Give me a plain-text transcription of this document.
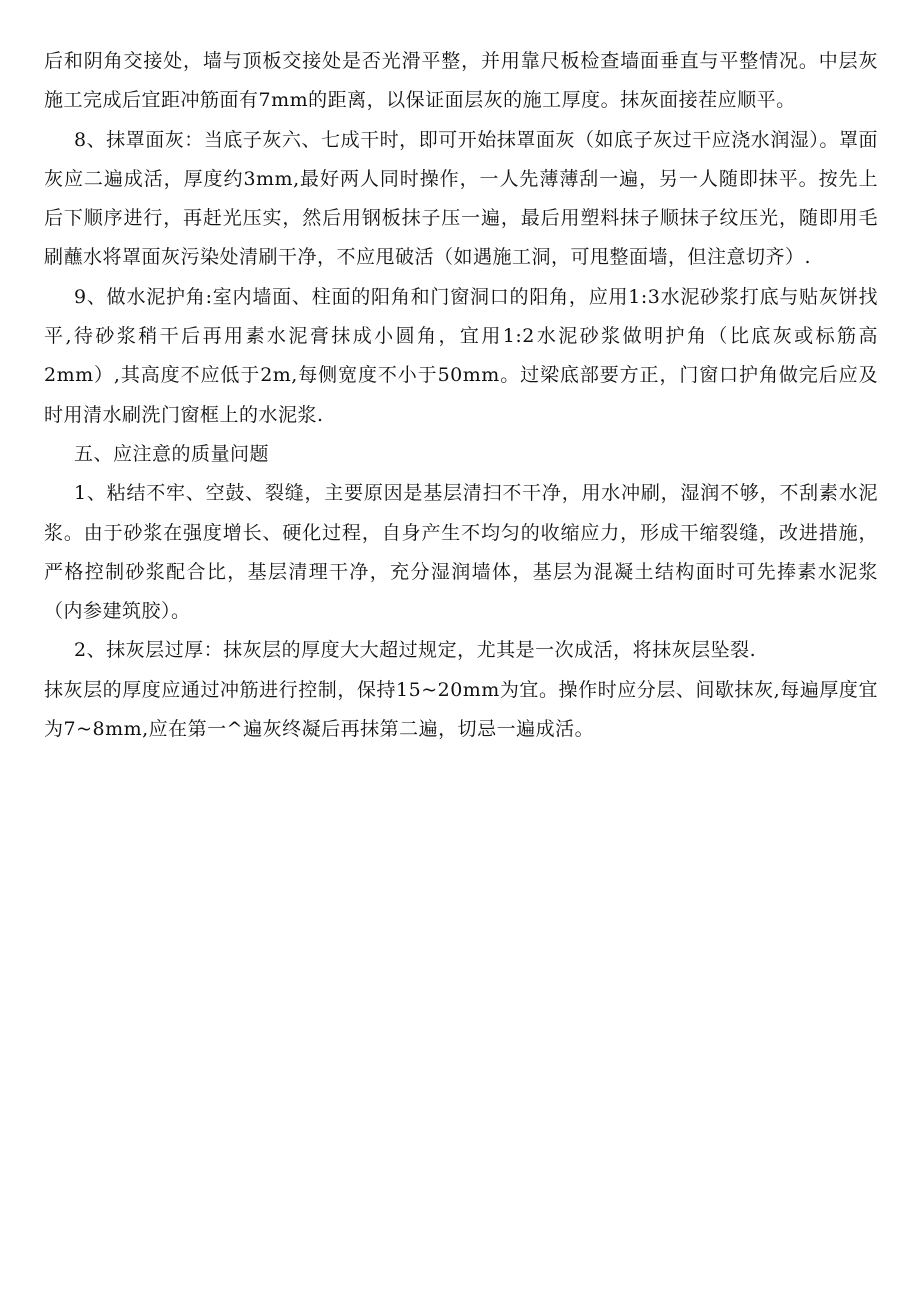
后和阴角交接处，墙与顶板交接处是否光滑平整，并用靠尺板检查墙面垂直与平整情况。中层灰施工完成后宜距冲筋面有7mm的距离，以保证面层灰的施工厚度。抹灰面接茬应顺平。

8、抹罩面灰：当底子灰六、七成干时，即可开始抹罩面灰（如底子灰过干应浇水润湿）。罩面灰应二遍成活，厚度约3mm,最好两人同时操作，一人先薄薄刮一遍，另一人随即抹平。按先上后下顺序进行，再赶光压实，然后用钢板抹子压一遍，最后用塑料抹子顺抹子纹压光，随即用毛刷蘸水将罩面灰污染处清刷干净，不应甩破活（如遇施工洞，可甩整面墙，但注意切齐）.

9、做水泥护角:室内墙面、柱面的阳角和门窗洞口的阳角，应用1:3水泥砂浆打底与贴灰饼找平,待砂浆稍干后再用素水泥膏抹成小圆角，宜用1:2水泥砂浆做明护角（比底灰或标筋高2mm）,其高度不应低于2m,每侧宽度不小于50mm。过梁底部要方正，门窗口护角做完后应及时用清水刷洗门窗框上的水泥浆.

五、应注意的质量问题

1、粘结不牢、空鼓、裂缝，主要原因是基层清扫不干净，用水冲刷，湿润不够，不刮素水泥浆。由于砂浆在强度增长、硬化过程，自身产生不均匀的收缩应力，形成干缩裂缝，改进措施，严格控制砂浆配合比，基层清理干净，充分湿润墙体，基层为混凝土结构面时可先捧素水泥浆（内参建筑胶）。

2、抹灰层过厚：抹灰层的厚度大大超过规定，尤其是一次成活，将抹灰层坠裂.

抹灰层的厚度应通过冲筋进行控制，保持15~20mm为宜。操作时应分层、间歇抹灰,每遍厚度宜为7~8mm,应在第一^遍灰终凝后再抹第二遍，切忌一遍成活。
